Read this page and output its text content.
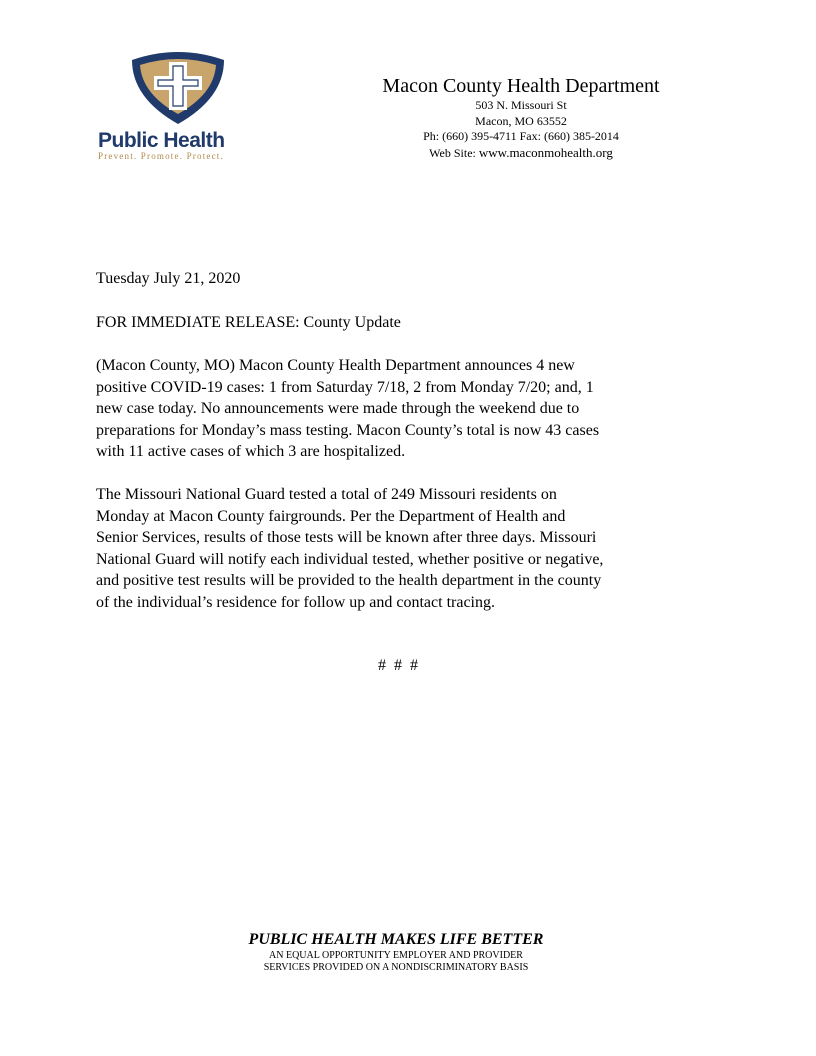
Public Health
Prevent. Promote. Protect.
Macon County Health Department
503 N. Missouri St
Macon, MO 63552
Ph: (660) 395-4711 Fax: (660) 385-2014
Web Site: www.maconmohealth.org

Tuesday July 21, 2020

FOR IMMEDIATE RELEASE: County Update

(Macon County, MO) Macon County Health Department announces 4 new
positive COVID-19 cases: 1 from Saturday 7/18, 2 from Monday 7/20; and, 1
new case today. No announcements were made through the weekend due to
preparations for Monday’s mass testing. Macon County’s total is now 43 cases
with 11 active cases of which 3 are hospitalized.
The Missouri National Guard tested a total of 249 Missouri residents on
Monday at Macon County fairgrounds. Per the Department of Health and
Senior Services, results of those tests will be known after three days. Missouri
National Guard will notify each individual tested, whether positive or negative,
and positive test results will be provided to the health department in the county
of the individual’s residence for follow up and contact tracing.
#  #  #
PUBLIC HEALTH MAKES LIFE BETTER
AN EQUAL OPPORTUNITY EMPLOYER AND PROVIDER
SERVICES PROVIDED ON A NONDISCRIMINATORY BASIS
